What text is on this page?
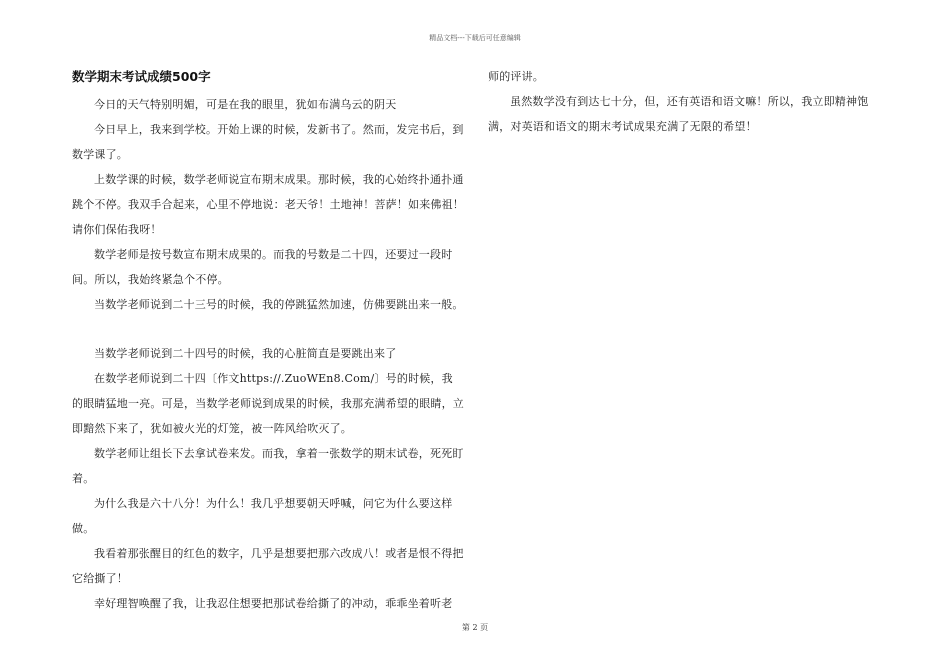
精品文档---下载后可任意编辑
数学期末考试成绩500字

今日的天气特别明媚，可是在我的眼里，犹如布满乌云的阴天

今日早上，我来到学校。开始上课的时候，发新书了。然而，发完书后，到数学课了。

上数学课的时候，数学老师说宣布期末成果。那时候，我的心始终扑通扑通跳个不停。我双手合起来，心里不停地说：老天爷！土地神！菩萨！如来佛祖！请你们保佑我呀！

数学老师是按号数宣布期末成果的。而我的号数是二十四，还要过一段时间。所以，我始终紧急个不停。

当数学老师说到二十三号的时候，我的停跳猛然加速，仿佛要跳出来一般。

当数学老师说到二十四号的时候，我的心脏简直是要跳出来了

在数学老师说到二十四〔作文https://.ZuoWEn8.Com/〕号的时候，我的眼睛猛地一亮。可是，当数学老师说到成果的时候，我那充满希望的眼睛，立即黯然下来了，犹如被火光的灯笼，被一阵风给吹灭了。

数学老师让组长下去拿试卷来发。而我，拿着一张数学的期末试卷，死死盯着。

为什么我是六十八分！为什么！我几乎想要朝天呼喊，问它为什么要这样做。

我看着那张醒目的红色的数字，几乎是想要把那六改成八！或者是恨不得把它给撕了！

幸好理智唤醒了我，让我忍住想要把那试卷给撕了的冲动，乖乖坐着听老

师的评讲。

虽然数学没有到达七十分，但，还有英语和语文嘛！所以，我立即精神饱满，对英语和语文的期末考试成果充满了无限的希望！

第 2 页
